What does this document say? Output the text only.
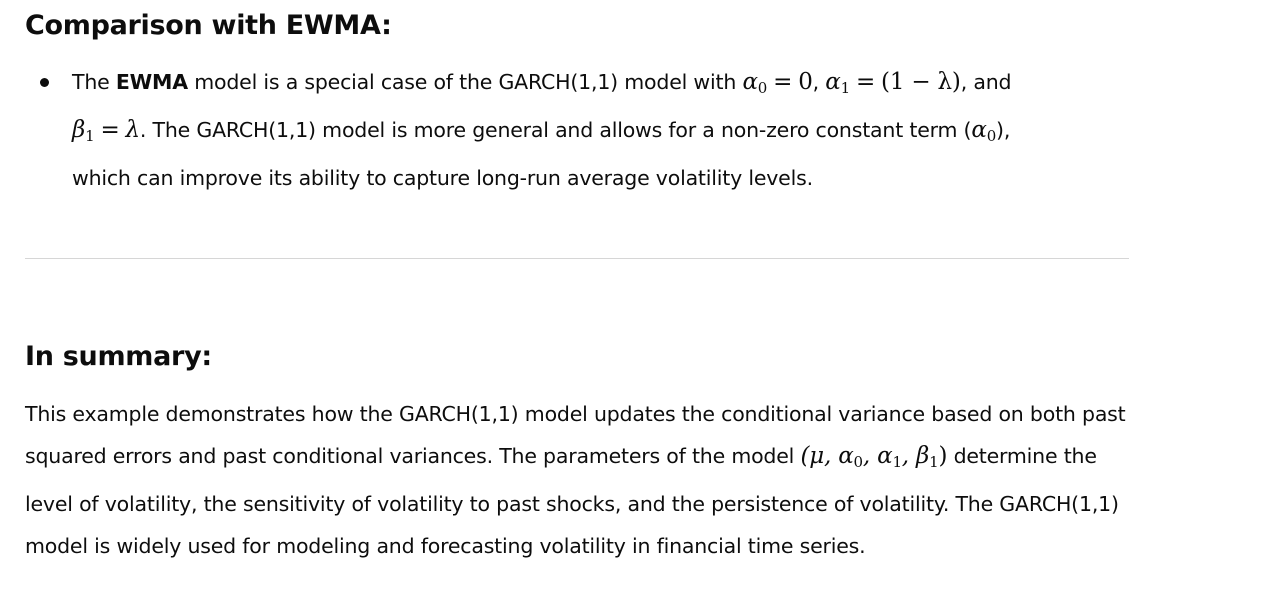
Comparison with EWMA:
The EWMA model is a special case of the GARCH(1,1) model with $\alpha_0 = 0$, $\alpha_1 = (1 - \lambda)$, and
$\beta_1 = \lambda$. The GARCH(1,1) model is more general and allows for a non-zero constant term $(\alpha_0)$,
which can improve its ability to capture long-run average volatility levels.
In summary:

This example demonstrates how the GARCH(1,1) model updates the conditional variance based on both past squared errors and past conditional variances. The parameters of the model (μ, $\alpha_0$, $\alpha_1$, $\beta_1$) determine the level of volatility, the sensitivity of volatility to past shocks, and the persistence of volatility. The GARCH(1,1) model is widely used for modeling and forecasting volatility in financial time series.
